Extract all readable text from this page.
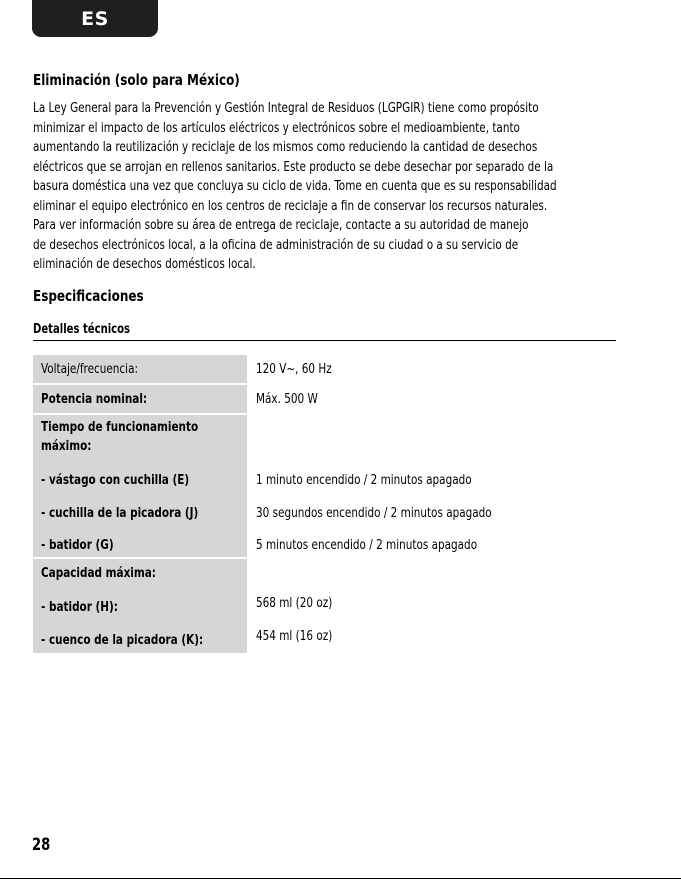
ES
Eliminación (solo para México)
La Ley General para la Prevención y Gestión Integral de Residuos (LGPGIR) tiene como propósito
minimizar el impacto de los artículos eléctricos y electrónicos sobre el medioambiente, tanto
aumentando la reutilización y reciclaje de los mismos como reduciendo la cantidad de desechos
eléctricos que se arrojan en rellenos sanitarios. Este producto se debe desechar por separado de la
basura doméstica una vez que concluya su ciclo de vida. Tome en cuenta que es su responsabilidad
eliminar el equipo electrónico en los centros de reciclaje a fin de conservar los recursos naturales.
Para ver información sobre su área de entrega de reciclaje, contacte a su autoridad de manejo
de desechos electrónicos local, a la oficina de administración de su ciudad o a su servicio de
eliminación de desechos domésticos local.
Especificaciones
Detalles técnicos
Voltaje/frecuencia:	120 V~, 60 Hz
Potencia nominal:	Máx. 500 W
Tiempo de funcionamiento
máximo:
- vástago con cuchilla (E)	1 minuto encendido / 2 minutos apagado
- cuchilla de la picadora (J)	30 segundos encendido / 2 minutos apagado
- batidor (G)	5 minutos encendido / 2 minutos apagado
Capacidad máxima:
- batidor (H):	568 ml (20 oz)
- cuenco de la picadora (K):	454 ml (16 oz)
28
